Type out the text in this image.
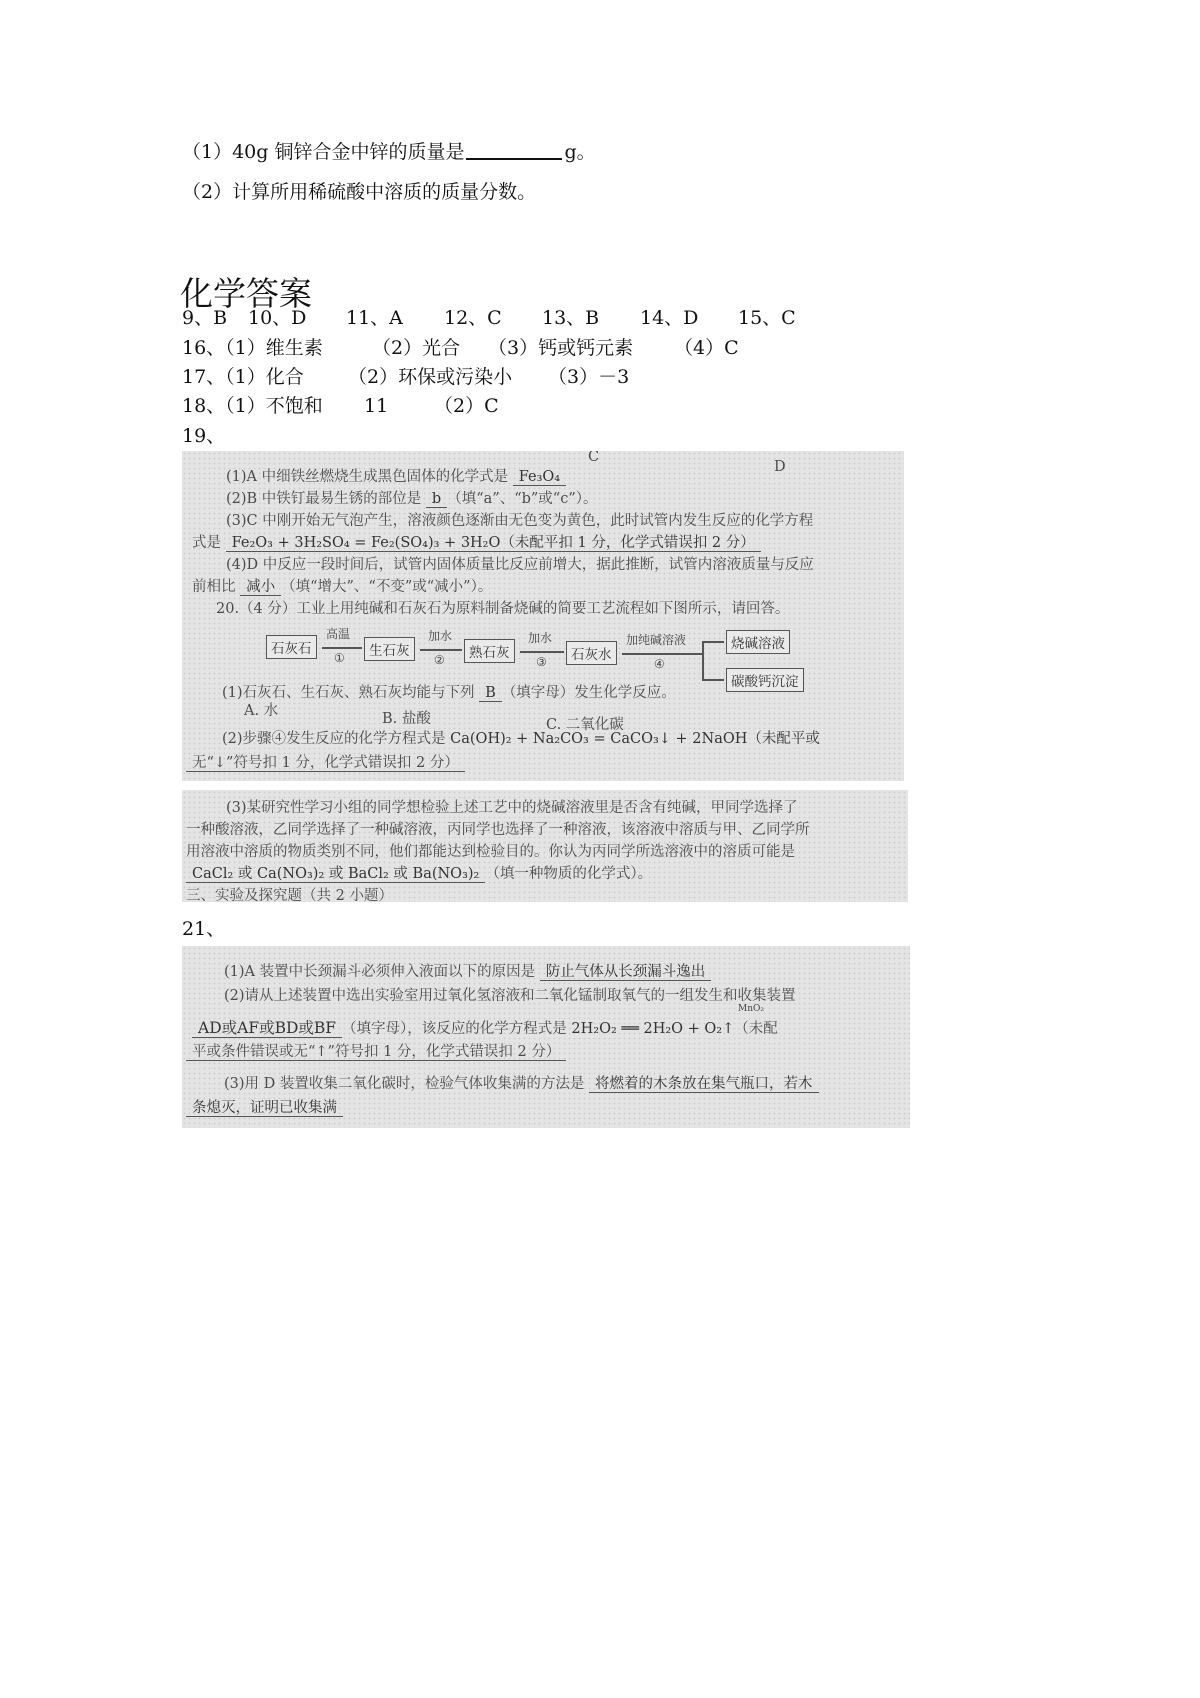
（1）40g 铜锌合金中锌的质量是	g。
（2）计算所用稀硫酸中溶质的质量分数。
化学答案
9、B 10、D 11、A 12、C 13、B 14、D 15、C
16、（1）维生素	（2）光合 （3）钙或钙元素 （4）C
17、（1）化合 （2）环保或污染小 （3）－3
18、（1）不饱和 11 （2）C
19、
C
D
(1)A 中细铁丝燃烧生成黑色固体的化学式是 Fe₃O₄
(2)B 中铁钉最易生锈的部位是 b （填“a”、“b”或“c”）。
(3)C 中刚开始无气泡产生，溶液颜色逐渐由无色变为黄色，此时试管内发生反应的化学方程
式是 Fe₂O₃ + 3H₂SO₄ = Fe₂(SO₄)₃ + 3H₂O（未配平扣 1 分，化学式错误扣 2 分）
(4)D 中反应一段时间后，试管内固体质量比反应前增大，据此推断，试管内溶液质量与反应
前相比 减小 （填“增大”、“不变”或“减小”）。
20.（4 分）工业上用纯碱和石灰石为原料制备烧碱的简要工艺流程如下图所示，请回答。
石灰石
高温
①	生石灰
加水
②	熟石灰
加水
③	石灰水
加纯碱溶液
④
烧碱溶液
碳酸钙沉淀
(1)石灰石、生石灰、熟石灰均能与下列 B （填字母）发生化学反应。
A. 水	B. 盐酸	C. 二氧化碳
(2)步骤④发生反应的化学方程式是 Ca(OH)₂ + Na₂CO₃ = CaCO₃↓ + 2NaOH（未配平或
无“↓”符号扣 1 分，化学式错误扣 2 分）
(3)某研究性学习小组的同学想检验上述工艺中的烧碱溶液里是否含有纯碱，甲同学选择了
一种酸溶液，乙同学选择了一种碱溶液，丙同学也选择了一种溶液，该溶液中溶质与甲、乙同学所
用溶液中溶质的物质类别不同，他们都能达到检验目的。你认为丙同学所选溶液中的溶质可能是
CaCl₂ 或 Ca(NO₃)₂ 或 BaCl₂ 或 Ba(NO₃)₂ （填一种物质的化学式）。
三、实验及探究题（共 2 小题）
21、
(1)A 装置中长颈漏斗必须伸入液面以下的原因是 防止气体从长颈漏斗逸出
(2)请从上述装置中选出实验室用过氧化氢溶液和二氧化锰制取氧气的一组发生和收集装置
AD或AF或BD或BF （填字母），该反应的化学方程式是 2H₂O₂ ══ 2H₂O + O₂↑（未配
MnO₂
平或条件错误或无“↑”符号扣 1 分，化学式错误扣 2 分）
(3)用 D 装置收集二氧化碳时，检验气体收集满的方法是 将燃着的木条放在集气瓶口，若木
条熄灭，证明已收集满
